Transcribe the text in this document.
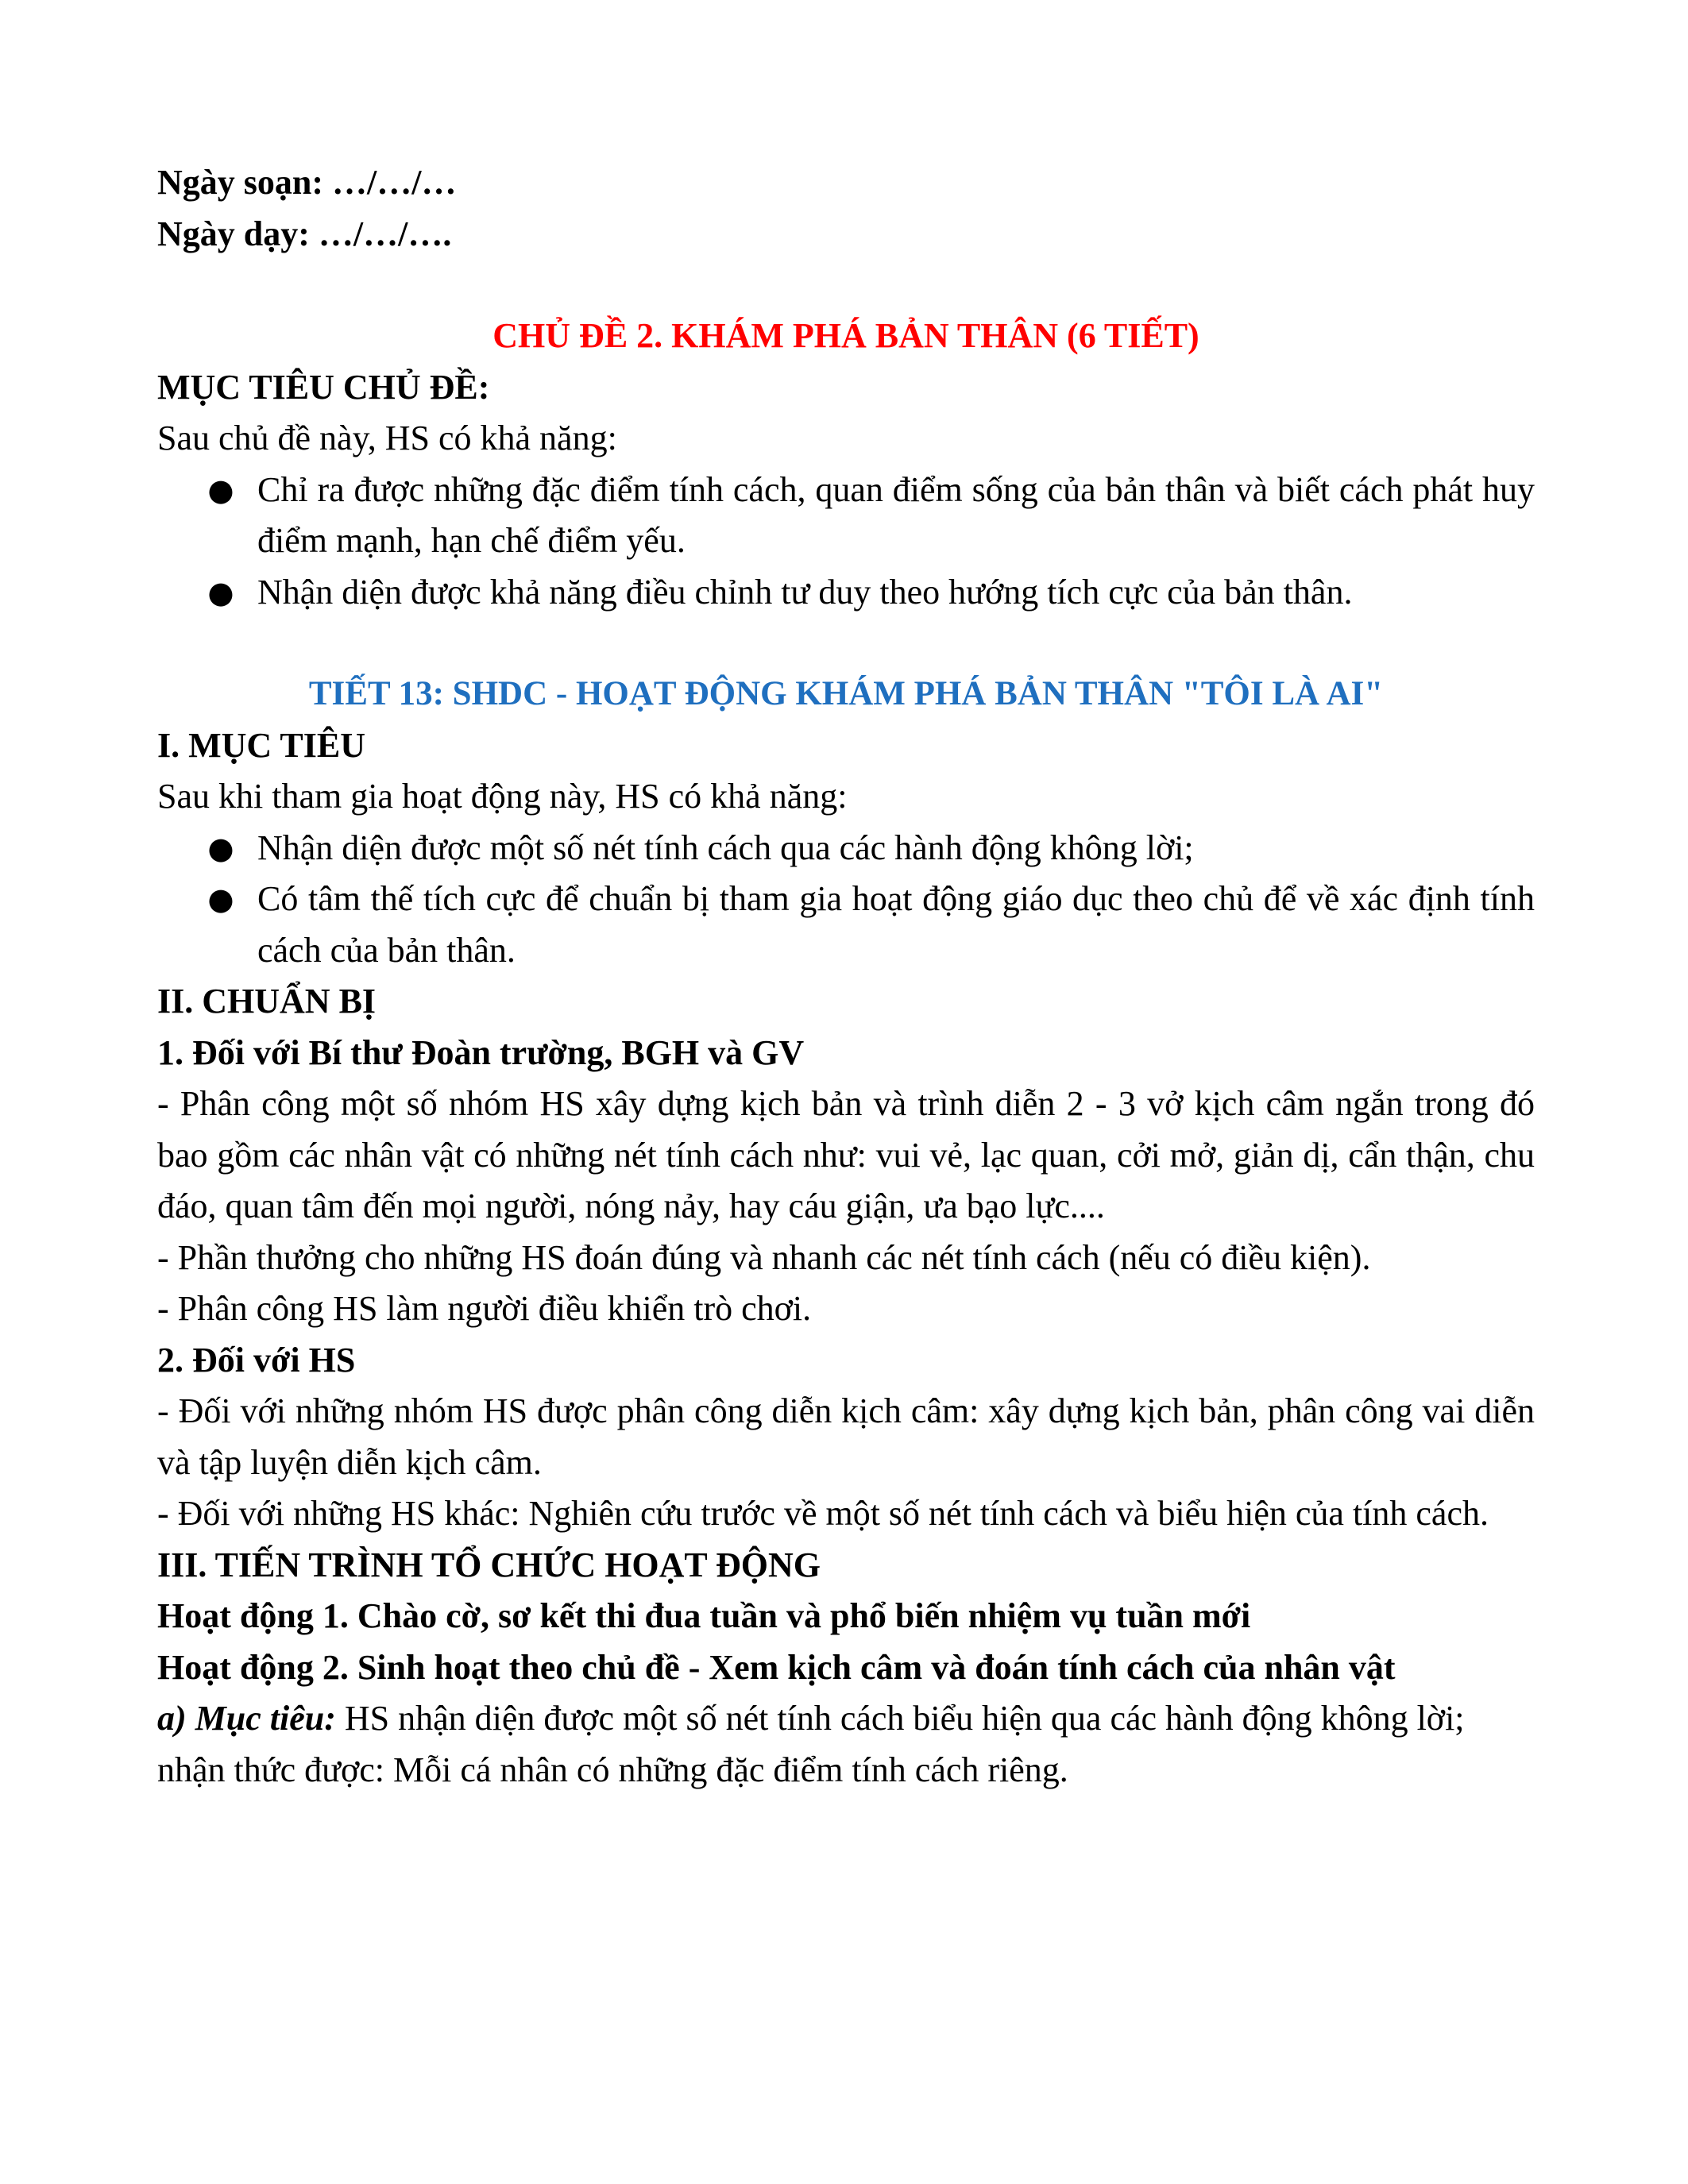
Ngày soạn: …/…/…

Ngày dạy: …/…/….

CHỦ ĐỀ 2. KHÁM PHÁ BẢN THÂN (6 TIẾT)

MỤC TIÊU CHỦ ĐỀ:

Sau chủ đề này, HS có khả năng:

● Chỉ ra được những đặc điểm tính cách, quan điểm sống của bản thân và biết cách phát huy điểm mạnh, hạn chế điểm yếu.
● Nhận diện được khả năng điều chỉnh tư duy theo hướng tích cực của bản thân.

TIẾT 13: SHDC - HOẠT ĐỘNG KHÁM PHÁ BẢN THÂN "TÔI LÀ AI"

I. MỤC TIÊU

Sau khi tham gia hoạt động này, HS có khả năng:

● Nhận diện được một số nét tính cách qua các hành động không lời;
● Có tâm thế tích cực để chuẩn bị tham gia hoạt động giáo dục theo chủ để về xác định tính cách của bản thân.

II. CHUẨN BỊ

1. Đối với Bí thư Đoàn trường, BGH và GV

- Phân công một số nhóm HS xây dựng kịch bản và trình diễn 2 - 3 vở kịch câm ngắn trong đó bao gồm các nhân vật có những nét tính cách như: vui vẻ, lạc quan, cởi mở, giản dị, cẩn thận, chu đáo, quan tâm đến mọi người, nóng nảy, hay cáu giận, ưa bạo lực....

- Phần thưởng cho những HS đoán đúng và nhanh các nét tính cách (nếu có điều kiện).

- Phân công HS làm người điều khiển trò chơi.

2. Đối với HS

- Đối với những nhóm HS được phân công diễn kịch câm: xây dựng kịch bản, phân công vai diễn và tập luyện diễn kịch câm.

- Đối với những HS khác: Nghiên cứu trước về một số nét tính cách và biểu hiện của tính cách.

III. TIẾN TRÌNH TỔ CHỨC HOẠT ĐỘNG

Hoạt động 1. Chào cờ, sơ kết thi đua tuần và phổ biến nhiệm vụ tuần mới

Hoạt động 2. Sinh hoạt theo chủ đề - Xem kịch câm và đoán tính cách của nhân vật

a) Mục tiêu: HS nhận diện được một số nét tính cách biểu hiện qua các hành động không lời;

nhận thức được: Mỗi cá nhân có những đặc điểm tính cách riêng.
